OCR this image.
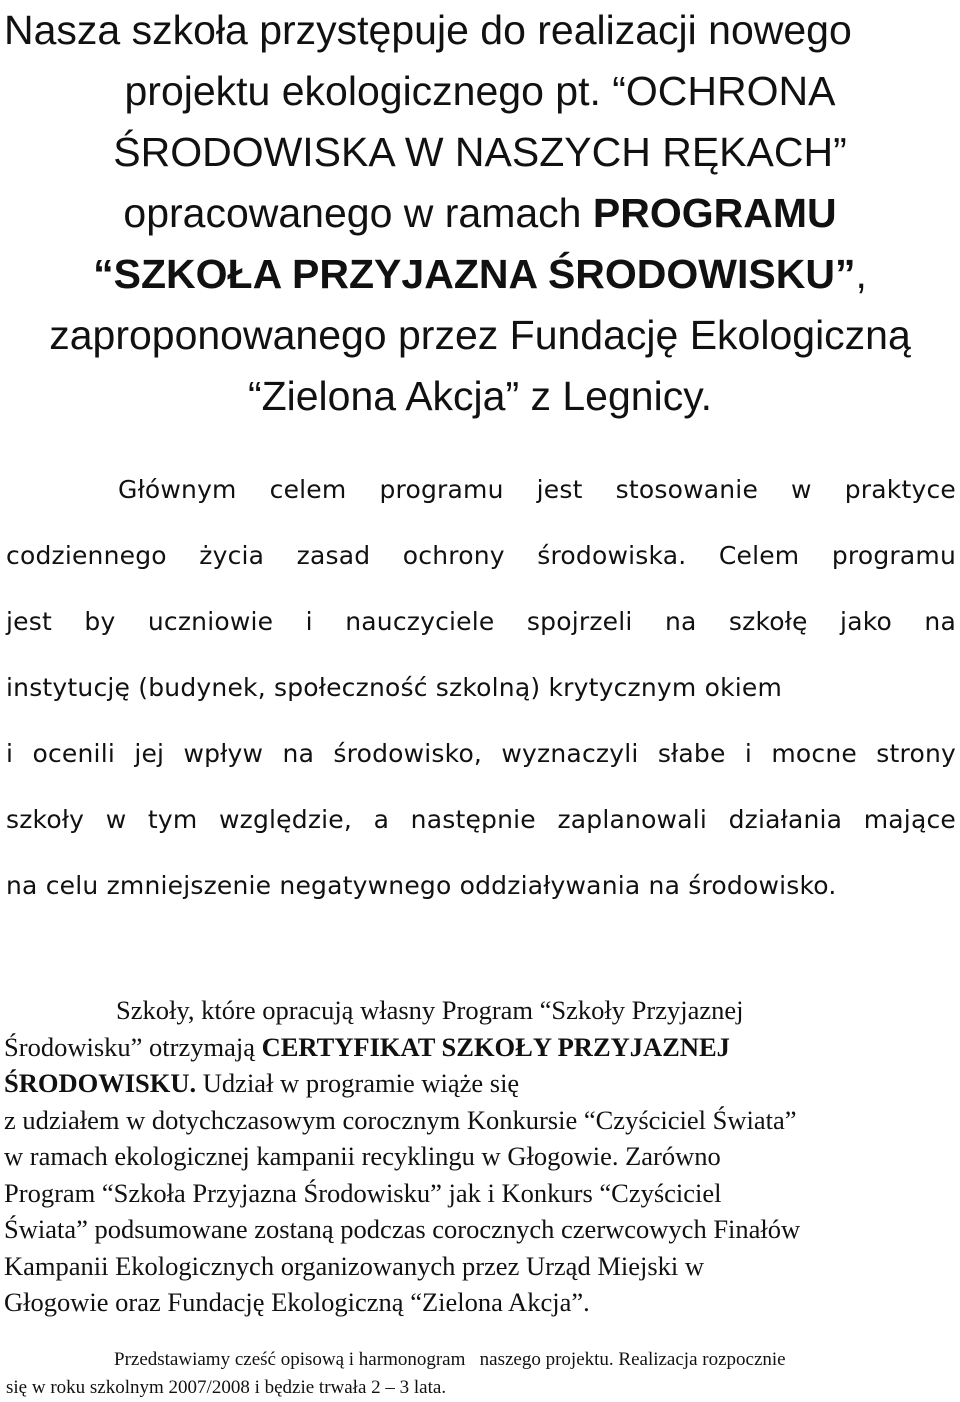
Nasza szkoła przystępuje do realizacji nowego
projektu ekologicznego pt. “OCHRONA
ŚRODOWISKA W NASZYCH RĘKACH”
opracowanego w ramach PROGRAMU
“SZKOŁA PRZYJAZNA ŚRODOWISKU”,
zaproponowanego przez Fundację Ekologiczną
“Zielona Akcja” z Legnicy.
Głównym celem programu jest stosowanie w praktyce
codziennego życia zasad ochrony środowiska. Celem programu
jest by uczniowie i nauczyciele spojrzeli na szkołę jako na
instytucję (budynek, społeczność szkolną) krytycznym okiem
i ocenili jej wpływ na środowisko, wyznaczyli słabe i mocne strony
szkoły w tym względzie, a następnie zaplanowali działania mające
na celu zmniejszenie negatywnego oddziaływania na środowisko.
Szkoły, które opracują własny Program “Szkoły Przyjaznej
Środowisku” otrzymają CERTYFIKAT SZKOŁY PRZYJAZNEJ
ŚRODOWISKU. Udział w programie wiąże się
z udziałem w dotychczasowym corocznym Konkursie “Czyściciel Świata”
w ramach ekologicznej kampanii recyklingu w Głogowie. Zarówno
Program “Szkoła Przyjazna Środowisku” jak i Konkurs “Czyściciel
Świata” podsumowane zostaną podczas corocznych czerwcowych Finałów
Kampanii Ekologicznych organizowanych przez Urząd Miejski w
Głogowie oraz Fundację Ekologiczną “Zielona Akcja”.
Przedstawiamy cześć opisową i harmonogram   naszego projektu. Realizacja rozpocznie
się w roku szkolnym 2007/2008 i będzie trwała 2 – 3 lata.
